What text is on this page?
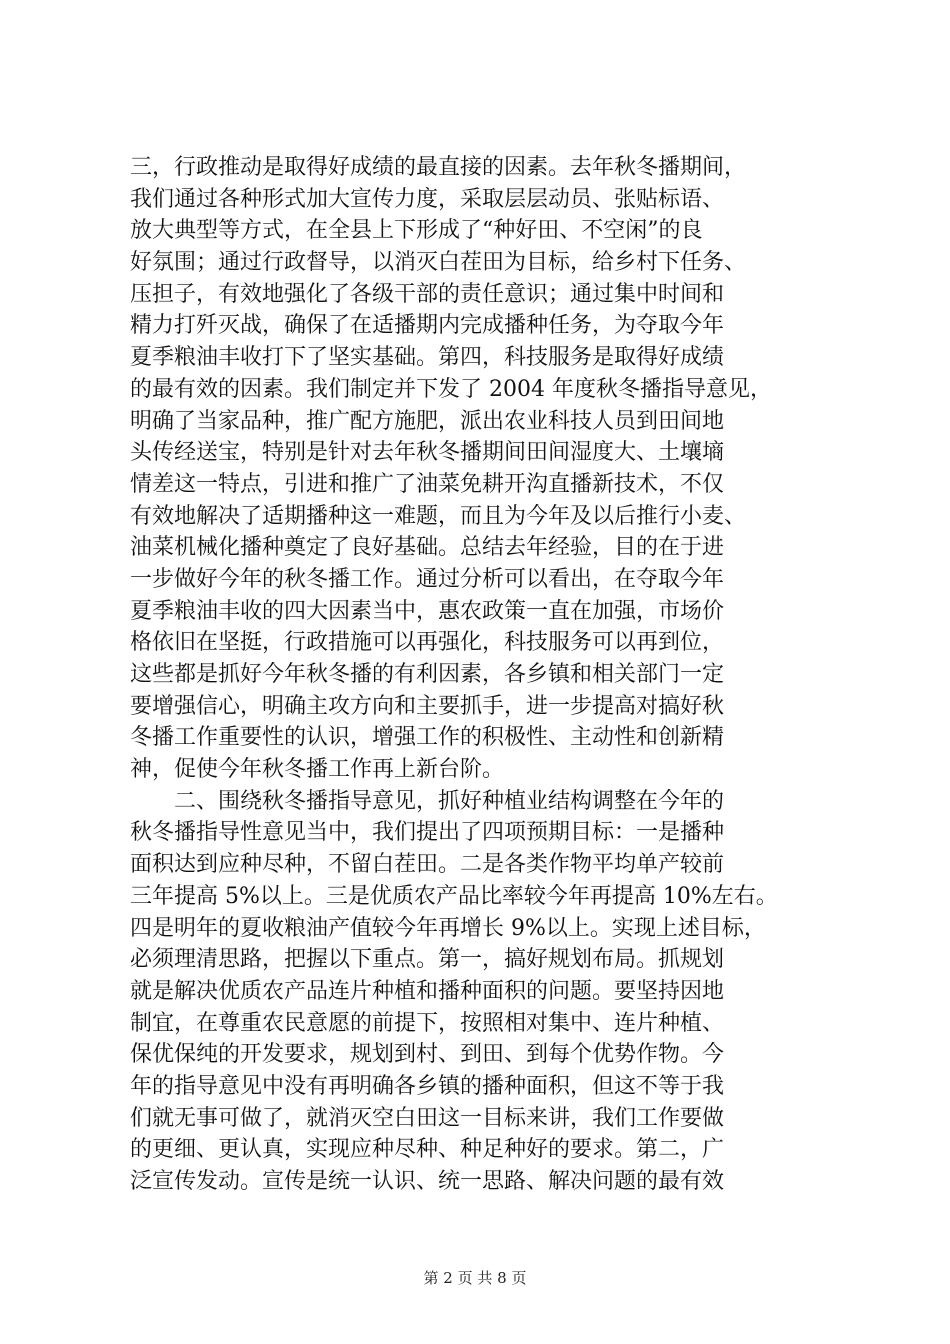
三，行政推动是取得好成绩的最直接的因素。去年秋冬播期间，
我们通过各种形式加大宣传力度，采取层层动员、张贴标语、
放大典型等方式，在全县上下形成了“种好田、不空闲”的良
好氛围；通过行政督导，以消灭白茬田为目标，给乡村下任务、
压担子，有效地强化了各级干部的责任意识；通过集中时间和
精力打歼灭战，确保了在适播期内完成播种任务，为夺取今年
夏季粮油丰收打下了坚实基础。第四，科技服务是取得好成绩
的最有效的因素。我们制定并下发了 2004 年度秋冬播指导意见，
明确了当家品种，推广配方施肥，派出农业科技人员到田间地
头传经送宝，特别是针对去年秋冬播期间田间湿度大、土壤墒
情差这一特点，引进和推广了油菜免耕开沟直播新技术，不仅
有效地解决了适期播种这一难题，而且为今年及以后推行小麦、
油菜机械化播种奠定了良好基础。总结去年经验，目的在于进
一步做好今年的秋冬播工作。通过分析可以看出，在夺取今年
夏季粮油丰收的四大因素当中，惠农政策一直在加强，市场价
格依旧在坚挺，行政措施可以再强化，科技服务可以再到位，
这些都是抓好今年秋冬播的有利因素，各乡镇和相关部门一定
要增强信心，明确主攻方向和主要抓手，进一步提高对搞好秋
冬播工作重要性的认识，增强工作的积极性、主动性和创新精
神，促使今年秋冬播工作再上新台阶。
　　二、围绕秋冬播指导意见，抓好种植业结构调整在今年的
秋冬播指导性意见当中，我们提出了四项预期目标：一是播种
面积达到应种尽种，不留白茬田。二是各类作物平均单产较前
三年提高 5%以上。三是优质农产品比率较今年再提高 10%左右。
四是明年的夏收粮油产值较今年再增长 9%以上。实现上述目标，
必须理清思路，把握以下重点。第一，搞好规划布局。抓规划
就是解决优质农产品连片种植和播种面积的问题。要坚持因地
制宜，在尊重农民意愿的前提下，按照相对集中、连片种植、
保优保纯的开发要求，规划到村、到田、到每个优势作物。今
年的指导意见中没有再明确各乡镇的播种面积，但这不等于我
们就无事可做了，就消灭空白田这一目标来讲，我们工作要做
的更细、更认真，实现应种尽种、种足种好的要求。第二，广
泛宣传发动。宣传是统一认识、统一思路、解决问题的最有效
第 2 页 共 8 页
